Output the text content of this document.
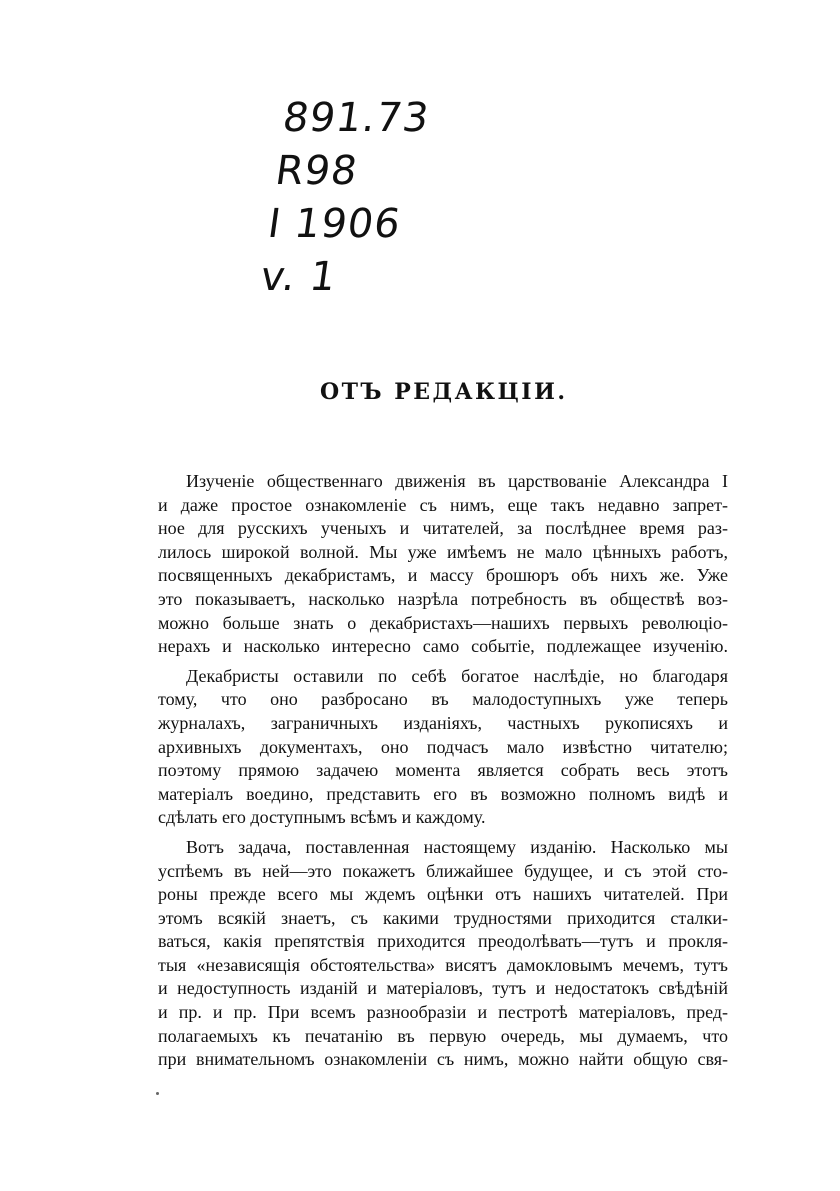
891.73
R98
I 1906
v. 1
ОТЪ РЕДАКЦІИ.

Изученіе общественнаго движенія въ царствованіе Александра I
и даже простое ознакомленіе съ нимъ, еще такъ недавно запрет-
ное для русскихъ ученыхъ и читателей, за послѣднее время раз-
лилось широкой волной. Мы уже имѣемъ не мало цѣнныхъ работъ,
посвященныхъ декабристамъ, и массу брошюръ объ нихъ же. Уже
это показываетъ, насколько назрѣла потребность въ обществѣ воз-
можно больше знать о декабристахъ—нашихъ первыхъ революціо-
нерахъ и насколько интересно само событіе, подлежащее изученію.

Декабристы оставили по себѣ богатое наслѣдіе, но благодаря
тому, что оно разбросано въ малодоступныхъ уже теперь
журналахъ, заграничныхъ изданіяхъ, частныхъ рукописяхъ и
архивныхъ документахъ, оно подчасъ мало извѣстно читателю;
поэтому прямою задачею момента является собрать весь этотъ
матеріалъ воедино, представить его въ возможно полномъ видѣ и
сдѣлать его доступнымъ всѣмъ и каждому.

Вотъ задача, поставленная настоящему изданію. Насколько мы
успѣемъ въ ней—это покажетъ ближайшее будущее, и съ этой сто-
роны прежде всего мы ждемъ оцѣнки отъ нашихъ читателей. При
этомъ всякій знаетъ, съ какими трудностями приходится сталки-
ваться, какія препятствія приходится преодолѣвать—тутъ и прокля-
тыя «независящія обстоятельства» висятъ дамокловымъ мечемъ, тутъ
и недоступность изданій и матеріаловъ, тутъ и недостатокъ свѣдѣній
и пр. и пр. При всемъ разнообразіи и пестротѣ матеріаловъ, пред-
полагаемыхъ къ печатанію въ первую очередь, мы думаемъ, что
при внимательномъ ознакомленіи съ нимъ, можно найти общую свя-
